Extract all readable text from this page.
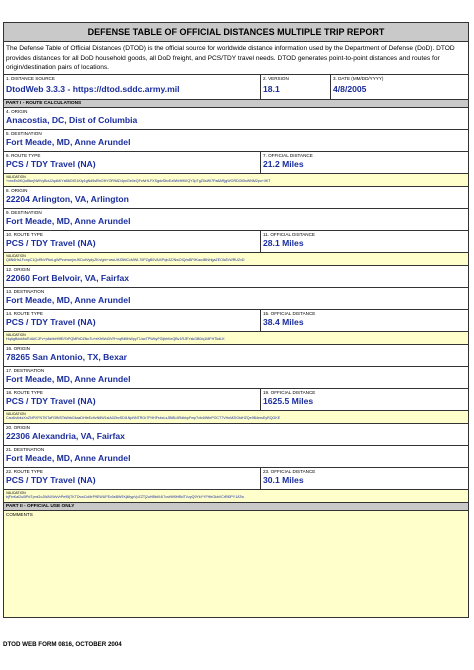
DEFENSE TABLE OF OFFICIAL DISTANCES MULTIPLE TRIP REPORT
The Defense Table of Official Distances (DTOD) is the official source for worldwide distance information used by the Department of Defense (DoD). DTOD provides distances for all DoD household goods, all DoD freight, and PCS/TDY travel needs. DTOD generates point-to-point distances and routes for origin/destination pairs of locations.
1. DISTANCE SOURCE
DtodWeb 3.3.3 - https://dtod.sddc.army.mil
2. VERSION
18.1
3. DATE (MM/DD/YYYY)
4/8/2005
PART I - ROUTE CALCULATIONS
4. ORIGIN
Anacostia, DC, Dist of Columbia
5. DESTINATION
Fort Meade, MD, Anne Arundel
6. ROUTE TYPE
PCS / TDY Travel (NA)
7. OFFICIAL DISTANCE
21.2 Miles
VALIDATION
+vnxEs0KQuBknjNWVyBoU2qdkKYsB6GfG1Kty1gNd5sRbC9tYOR9AD4pnGe0eQFcfvHLFXSgdzSbvEzWbHt9lXQY3pTgZ0sWI7Pa8ARjgWORDOl0lsWNM2pu+/IKT
8. ORIGIN
22204 Arlington, VA, Arlington
9. DESTINATION
Fort Meade, MD, Anne Arundel
10. ROUTE TYPE
PCS / TDY Travel (NA)
11. OFFICIAL DISTANCE
28.1 Miles
VALIDATION
Q8N6Hs1FcnpC1QxRbVPkeLgWPzvmcnjmJKDuH/ydyZKn/ghr+wwUHZ8MCcMWL70PZgB0VAlXPqb3Z/NwOIQ/wBF9Kao4BNHgaZEOlaTcWRUZvD
12. ORIGIN
22060 Fort Belvoir, VA, Fairfax
13. DESTINATION
Fort Meade, MD, Anne Arundel
14. ROUTE TYPE
PCS / TDY Travel (NA)
15. OFFICIAL DISTANCE
38.4 Miles
VALIDATION
HqAgBdoMd/EdUiCJFv+p8zbbH9fE/SrPQMRrDZlkoTu+eKfrWoDVR+xqfNMhWpyT1/acTPWbyFGljbhKeQBv1RJEYskGB0/q1MFHTkdLK
16. ORIGIN
78265 San Antonio, TX, Bexar
17. DESTINATION
Fort Meade, MD, Anne Arundel
18. ROUTE TYPE
PCS / TDY Travel (NA)
19. OFFICIAL DISTANCE
1625.5 Miles
VALIDATION
Cau6n4rkzXnZNPXFNTl0TaFl3fNSTsWrbGkazDHfeEc9vN8W1sIA0ZbvSDt1NpNNTRGr7FHHFsbcLsJBf8L6RdbkpFmpTxb4iWfnPOCT7VHnM2IGtdHZQe9B4ersEyRQGKE
20. ORIGIN
22306 Alexandria, VA, Fairfax
21. DESTINATION
Fort Meade, MD, Anne Arundel
22. ROUTE TYPE
PCS / TDY Travel (NA)
23. OFFICIAL DISTANCE
30.1 Miles
VALIDATION
bjFtvKaI2ul5PdTpmGoJWAXWvVrPe95jTKTDvwCoMrP9EWUFEv0sBW9Xj4ltypVpZZTj2uHBbtX4I7csHM9HBdTVzyQ9YkYYFHbGkbVCrRl0PY1ATw
PART II - OFFICIAL USE ONLY
COMMENTS
DTOD WEB FORM 0816, OCTOBER 2004
